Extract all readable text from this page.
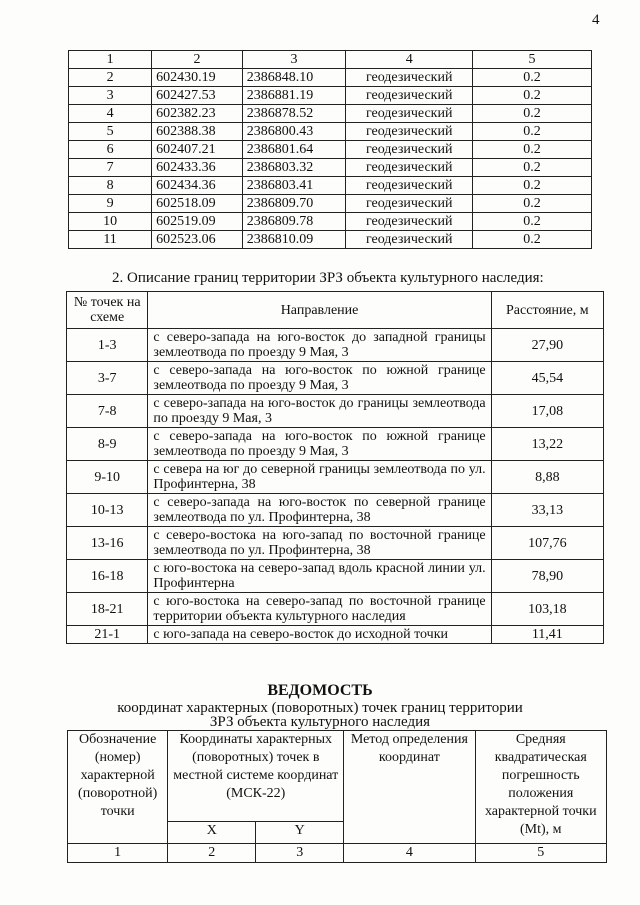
4
1	2	3	4	5
2	602430.19	2386848.10	геодезический	0.2
3	602427.53	2386881.19	геодезический	0.2
4	602382.23	2386878.52	геодезический	0.2
5	602388.38	2386800.43	геодезический	0.2
6	602407.21	2386801.64	геодезический	0.2
7	602433.36	2386803.32	геодезический	0.2
8	602434.36	2386803.41	геодезический	0.2
9	602518.09	2386809.70	геодезический	0.2
10	602519.09	2386809.78	геодезический	0.2
11	602523.06	2386810.09	геодезический	0.2
2. Описание границ территории ЗРЗ объекта культурного наследия:
№ точек на схеме	Направление	Расстояние, м
1-3	с северо-запада на юго-восток до западной границы землеотвода по проезду 9 Мая, 3	27,90
3-7	с северо-запада на юго-восток по южной границе землеотвода по проезду 9 Мая, 3	45,54
7-8	с северо-запада на юго-восток до границы землеотвода по проезду 9 Мая, 3	17,08
8-9	с северо-запада на юго-восток по южной границе землеотвода по проезду 9 Мая, 3	13,22
9-10	с севера на юг до северной границы землеотвода по ул. Профинтерна, 38	8,88
10-13	с северо-запада на юго-восток по северной границе землеотвода по ул. Профинтерна, 38	33,13
13-16	с северо-востока на юго-запад по восточной границе землеотвода по ул. Профинтерна, 38	107,76
16-18	с юго-востока на северо-запад вдоль красной линии ул. Профинтерна	78,90
18-21	с юго-востока на северо-запад по восточной границе территории объекта культурного наследия	103,18
21-1	с юго-запада на северо-восток до исходной точки	11,41
ВЕДОМОСТЬ
координат характерных (поворотных) точек границ территории
ЗРЗ объекта культурного наследия
Обозначение (номер) характерной (поворотной) точки	Координаты характерных (поворотных) точек в местной системе координат (МСК-22)		Метод определения координат	Средняя квадратическая погрешность положения характерной точки (Mt), м
	X	Y		
1	2	3	4	5
